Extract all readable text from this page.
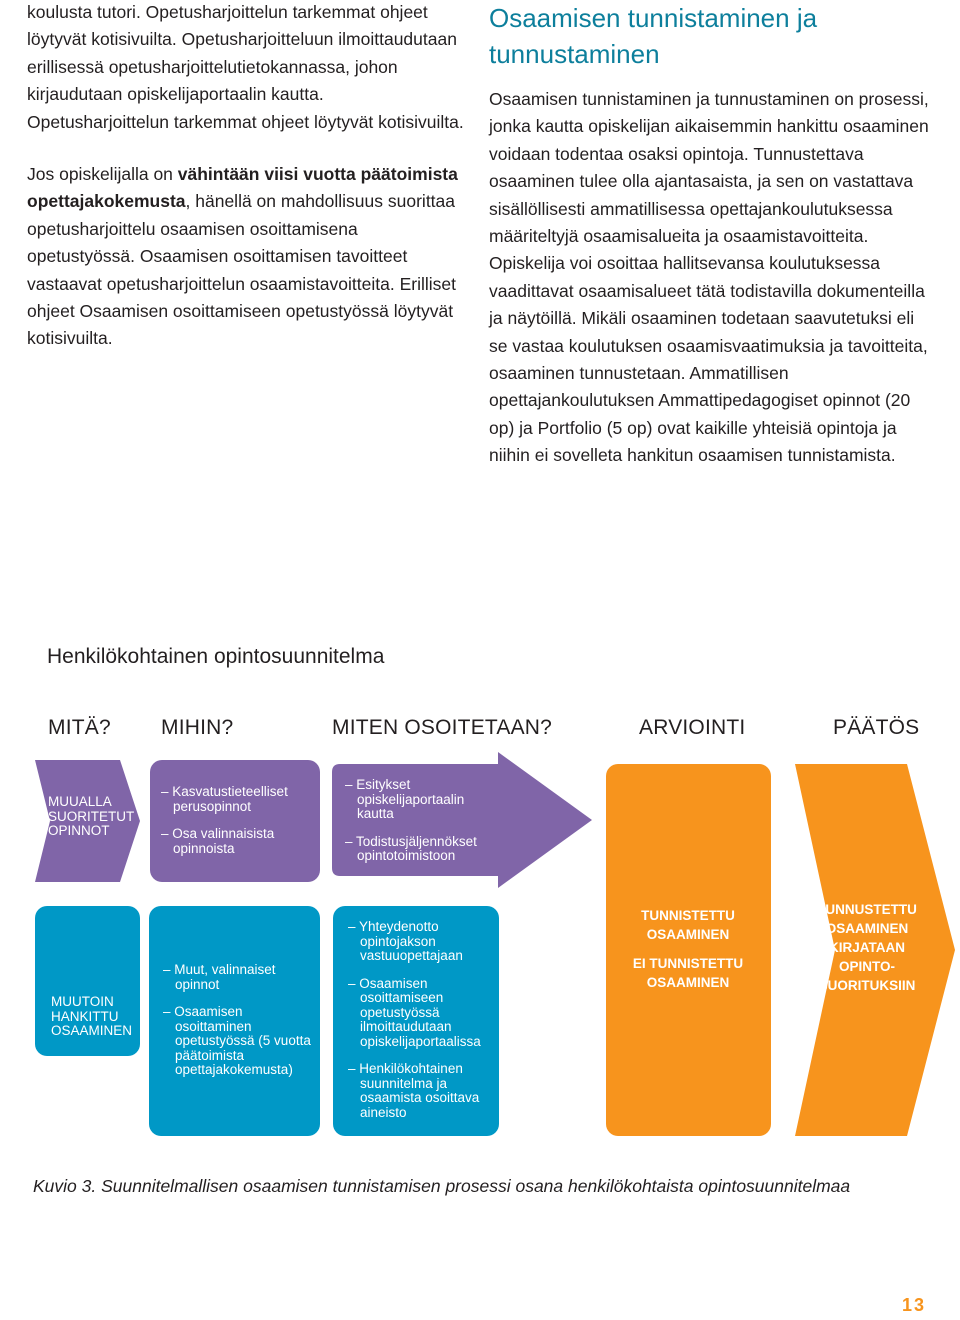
koulusta tutori. Opetusharjoittelun tarkemmat ohjeet löytyvät kotisivuilta. Opetusharjoitteluun ilmoittaudutaan erillisessä opetusharjoittelutietokannassa, johon kirjaudutaan opiskelijaportaalin kautta. Opetusharjoittelun tarkemmat ohjeet löytyvät kotisivuilta.

Jos opiskelijalla on vähintään viisi vuotta päätoimista opettajakokemusta, hänellä on mahdollisuus suorittaa opetusharjoittelu osaamisen osoittamisena opetustyössä. Osaamisen osoittamisen tavoitteet vastaavat opetusharjoittelun osaamistavoitteita. Erilliset ohjeet Osaamisen osoittamiseen opetustyössä löytyvät kotisivuilta.

Osaamisen tunnistaminen ja tunnustaminen

Osaamisen tunnistaminen ja tunnustaminen on prosessi, jonka kautta opiskelijan aikaisemmin hankittu osaaminen voidaan todentaa osaksi opintoja. Tunnustettava osaaminen tulee olla ajantasaista, ja sen on vastattava sisällöllisesti ammatillisessa opettajankoulutuksessa määriteltyjä osaamisalueita ja osaamistavoitteita. Opiskelija voi osoittaa hallitsevansa koulutuksessa vaadittavat osaamisalueet tätä todistavilla dokumenteilla ja näytöillä. Mikäli osaaminen todetaan saavutetuksi eli se vastaa koulutuksen osaamisvaatimuksia ja tavoitteita, osaaminen tunnustetaan. Ammatillisen opettajankoulutuksen Ammattipedagogiset opinnot (20 op) ja Portfolio (5 op) ovat kaikille yhteisiä opintoja ja niihin ei sovelleta hankitun osaamisen tunnistamista.

Henkilökohtainen opintosuunnitelma
MITÄ? MIHIN?	MITEN OSOITETAAN?	ARVIOINTI	PÄÄTÖS
MUUALLA SUORITETUT OPINNOT
– Kasvatustieteelliset perusopinnot
– Osa valinnaisista opinnoista
– Esitykset opiskelijaportaalin kautta
– Todistusjäljennökset opintotoimistoon
MUUTOIN HANKITTU OSAAMINEN
– Muut, valinnaiset opinnot
– Osaamisen osoittaminen opetustyössä (5 vuotta päätoimista opettajakokemusta)
– Yhteydenotto opintojakson vastuuopettajaan
– Osaamisen osoittamiseen opetustyössä ilmoittaudutaan opiskelijaportaalissa
– Henkilökohtainen suunnitelma ja osaamista osoittava aineisto
TUNNISTETTU OSAAMINEN
EI TUNNISTETTU OSAAMINEN
TUNNUSTETTU OSAAMINEN KIRJATAAN OPINTO-SUORITUKSIIN
Kuvio 3. Suunnitelmallisen osaamisen tunnistamisen prosessi osana henkilökohtaista opintosuunnitelmaa
13
